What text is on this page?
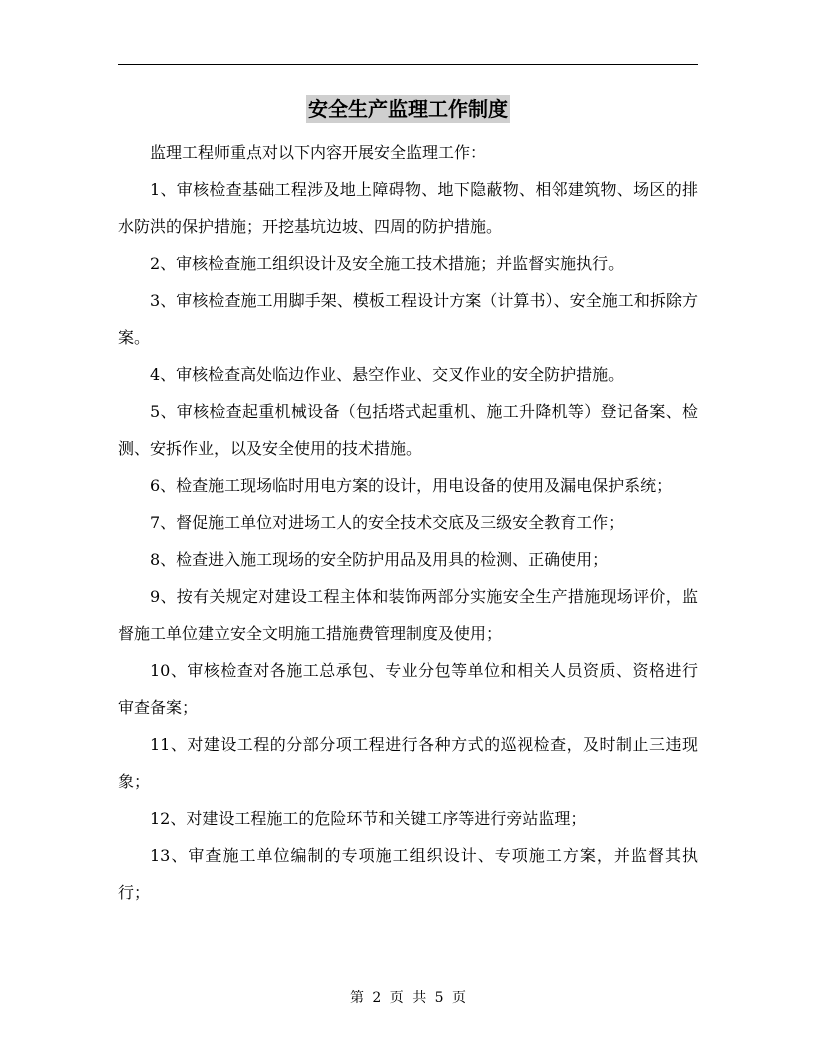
安全生产监理工作制度

监理工程师重点对以下内容开展安全监理工作：

1、审核检查基础工程涉及地上障碍物、地下隐蔽物、相邻建筑物、场区的排水防洪的保护措施；开挖基坑边坡、四周的防护措施。

2、审核检查施工组织设计及安全施工技术措施；并监督实施执行。

3、审核检查施工用脚手架、模板工程设计方案（计算书）、安全施工和拆除方案。

4、审核检查高处临边作业、悬空作业、交叉作业的安全防护措施。

5、审核检查起重机械设备（包括塔式起重机、施工升降机等）登记备案、检测、安拆作业，以及安全使用的技术措施。

6、检查施工现场临时用电方案的设计，用电设备的使用及漏电保护系统；

7、督促施工单位对进场工人的安全技术交底及三级安全教育工作；

8、检查进入施工现场的安全防护用品及用具的检测、正确使用；

9、按有关规定对建设工程主体和装饰两部分实施安全生产措施现场评价，监督施工单位建立安全文明施工措施费管理制度及使用；

10、审核检查对各施工总承包、专业分包等单位和相关人员资质、资格进行审查备案；

11、对建设工程的分部分项工程进行各种方式的巡视检查，及时制止三违现象；

12、对建设工程施工的危险环节和关键工序等进行旁站监理；

13、审查施工单位编制的专项施工组织设计、专项施工方案，并监督其执行；

第 2 页 共 5 页
